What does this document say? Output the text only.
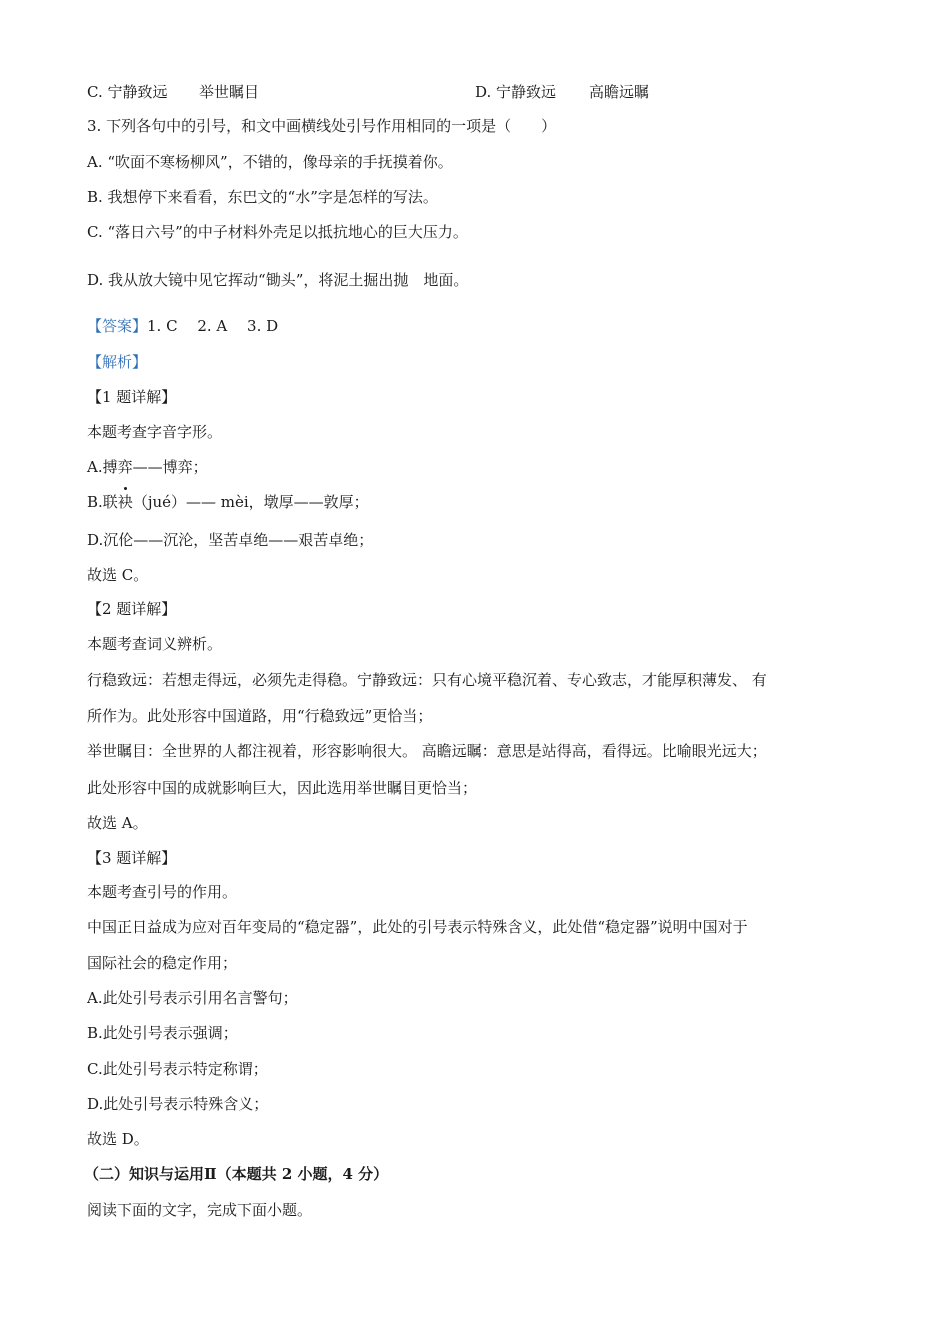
C. 宁静致远 举世瞩目	D. 宁静致远 高瞻远瞩
3. 下列各句中的引号，和文中画横线处引号作用相同的一项是（　　）
A. “吹面不寒杨柳风”，不错的，像母亲的手抚摸着你。
B. 我想停下来看看，东巴文的“水”字是怎样的写法。
C. “落日六号”的中子材料外壳足以抵抗地心的巨大压力。
D. 我从放大镜中见它挥动“锄头”，将泥土掘出抛　地面。
【答案】1. C　 2. A　 3. D
【解析】
【1 题详解】
本题考查字音字形。
A.搏弈——博弈；
B.联袂（jué）—— mèi，墩厚——敦厚；
D.沉伦——沉沦，坚苦卓绝——艰苦卓绝；
故选 C。
【2 题详解】
本题考查词义辨析。
行稳致远：若想走得远，必须先走得稳。宁静致远：只有心境平稳沉着、专心致志，才能厚积薄发、 有
所作为。此处形容中国道路，用“行稳致远”更恰当；
举世瞩目：全世界的人都注视着，形容影响很大。 高瞻远瞩：意思是站得高，看得远。比喻眼光远大；
此处形容中国的成就影响巨大，因此选用举世瞩目更恰当；
故选 A。
【3 题详解】
本题考查引号的作用。
中国正日益成为应对百年变局的“稳定器”，此处的引号表示特殊含义，此处借“稳定器”说明中国对于
国际社会的稳定作用；
A.此处引号表示引用名言警句；
B.此处引号表示强调；
C.此处引号表示特定称谓；
D.此处引号表示特殊含义；
故选 D。
（二）知识与运用Ⅱ（本题共 2 小题，4 分）
阅读下面的文字，完成下面小题。
